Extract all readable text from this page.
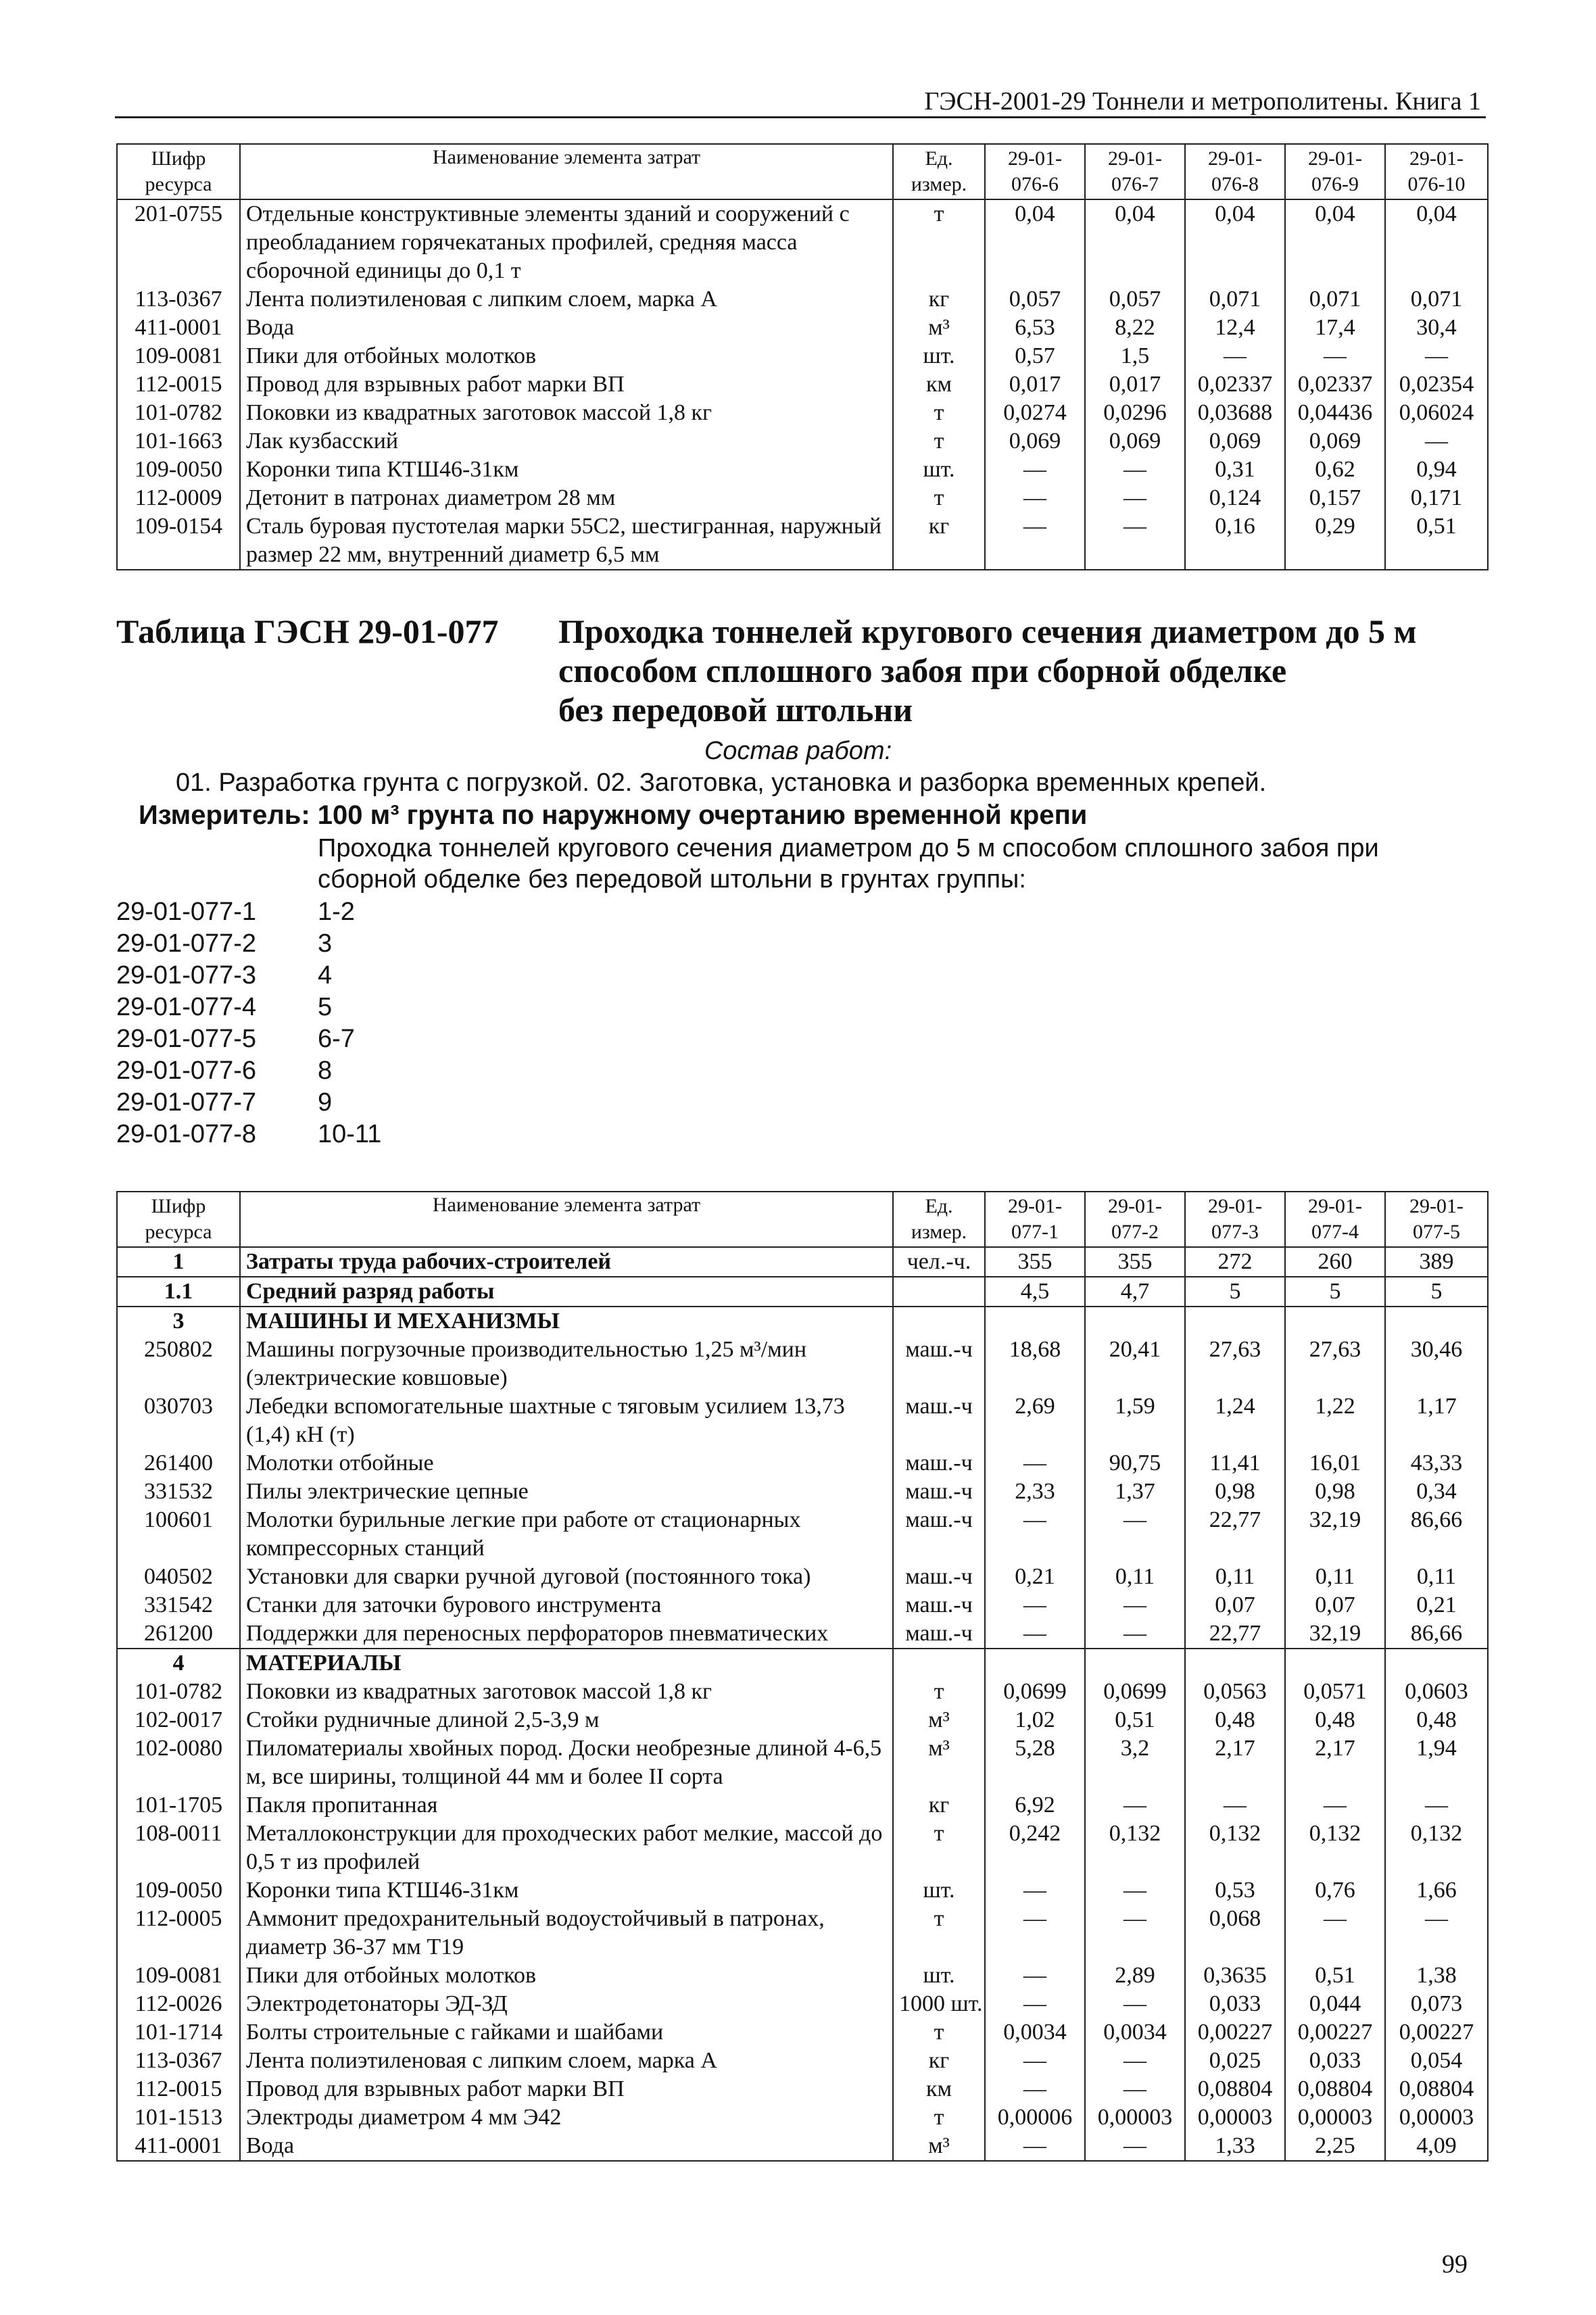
ГЭСН-2001-29 Тоннели и метрополитены. Книга 1
Шифр ресурса	Наименование элемента затрат	Ед. измер.	29-01-076-6	29-01-076-7	29-01-076-8	29-01-076-9	29-01-076-10
201-0755	Отдельные конструктивные элементы зданий и сооружений с преобладанием горячекатаных профилей, средняя масса сборочной единицы до 0,1 т	т	0,04	0,04	0,04	0,04	0,04
113-0367	Лента полиэтиленовая с липким слоем, марка А	кг	0,057	0,057	0,071	0,071	0,071
411-0001	Вода	м³	6,53	8,22	12,4	17,4	30,4
109-0081	Пики для отбойных молотков	шт.	0,57	1,5	—	—	—
112-0015	Провод для взрывных работ марки ВП	км	0,017	0,017	0,02337	0,02337	0,02354
101-0782	Поковки из квадратных заготовок массой 1,8 кг	т	0,0274	0,0296	0,03688	0,04436	0,06024
101-1663	Лак кузбасский	т	0,069	0,069	0,069	0,069	—
109-0050	Коронки типа КТШ46-31км	шт.	—	—	0,31	0,62	0,94
112-0009	Детонит в патронах диаметром 28 мм	т	—	—	0,124	0,157	0,171
109-0154	Сталь буровая пустотелая марки 55С2, шестигранная, наружный размер 22 мм, внутренний диаметр 6,5 мм	кг	—	—	0,16	0,29	0,51
Таблица ГЭСН 29-01-077 Проходка тоннелей кругового сечения диаметром до 5 м
способом сплошного забоя при сборной обделке
без передовой штольни
Состав работ:
01. Разработка грунта с погрузкой. 02. Заготовка, установка и разборка временных крепей.
Измеритель: 100 м³ грунта по наружному очертанию временной крепи
Проходка тоннелей кругового сечения диаметром до 5 м способом сплошного забоя при сборной обделке без передовой штольни в грунтах группы:
29-01-077-1	1-2
29-01-077-2	3
29-01-077-3	4
29-01-077-4	5
29-01-077-5	6-7
29-01-077-6	8
29-01-077-7	9
29-01-077-8	10-11
Шифр ресурса	Наименование элемента затрат	Ед. измер.	29-01-077-1	29-01-077-2	29-01-077-3	29-01-077-4	29-01-077-5
1	Затраты труда рабочих-строителей	чел.-ч.	355	355	272	260	389
1.1	Средний разряд работы		4,5	4,7	5	5	5
3	МАШИНЫ И МЕХАНИЗМЫ						
250802	Машины погрузочные производительностью 1,25 м³/мин (электрические ковшовые)	маш.-ч	18,68	20,41	27,63	27,63	30,46
030703	Лебедки вспомогательные шахтные с тяговым усилием 13,73 (1,4) кН (т)	маш.-ч	2,69	1,59	1,24	1,22	1,17
261400	Молотки отбойные	маш.-ч	—	90,75	11,41	16,01	43,33
331532	Пилы электрические цепные	маш.-ч	2,33	1,37	0,98	0,98	0,34
100601	Молотки бурильные легкие при работе от стационарных компрессорных станций	маш.-ч	—	—	22,77	32,19	86,66
040502	Установки для сварки ручной дуговой (постоянного тока)	маш.-ч	0,21	0,11	0,11	0,11	0,11
331542	Станки для заточки бурового инструмента	маш.-ч	—	—	0,07	0,07	0,21
261200	Поддержки для переносных перфораторов пневматических	маш.-ч	—	—	22,77	32,19	86,66
4	МАТЕРИАЛЫ						
101-0782	Поковки из квадратных заготовок массой 1,8 кг	т	0,0699	0,0699	0,0563	0,0571	0,0603
102-0017	Стойки рудничные длиной 2,5-3,9 м	м³	1,02	0,51	0,48	0,48	0,48
102-0080	Пиломатериалы хвойных пород. Доски необрезные длиной 4-6,5 м, все ширины, толщиной 44 мм и более II сорта	м³	5,28	3,2	2,17	2,17	1,94
101-1705	Пакля пропитанная	кг	6,92	—	—	—	—
108-0011	Металлоконструкции для проходческих работ мелкие, массой до 0,5 т из профилей	т	0,242	0,132	0,132	0,132	0,132
109-0050	Коронки типа КТШ46-31км	шт.	—	—	0,53	0,76	1,66
112-0005	Аммонит предохранительный водоустойчивый в патронах, диаметр 36-37 мм Т19	т	—	—	0,068	—	—
109-0081	Пики для отбойных молотков	шт.	—	2,89	0,3635	0,51	1,38
112-0026	Электродетонаторы ЭД-ЗД	1000 шт.	—	—	0,033	0,044	0,073
101-1714	Болты строительные с гайками и шайбами	т	0,0034	0,0034	0,00227	0,00227	0,00227
113-0367	Лента полиэтиленовая с липким слоем, марка А	кг	—	—	0,025	0,033	0,054
112-0015	Провод для взрывных работ марки ВП	км	—	—	0,08804	0,08804	0,08804
101-1513	Электроды диаметром 4 мм Э42	т	0,00006	0,00003	0,00003	0,00003	0,00003
411-0001	Вода	м³	—	—	1,33	2,25	4,09
99
